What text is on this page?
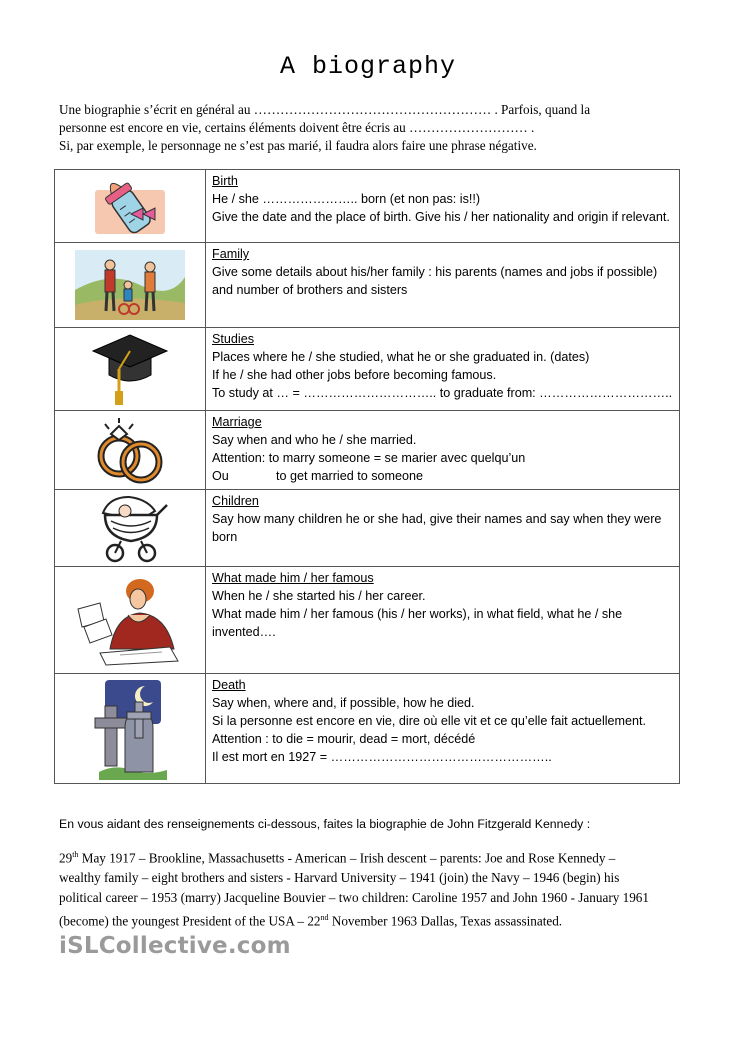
A biography
Une biographie s’écrit en général au ……………………………………………… . Parfois, quand la
personne est encore en vie, certains éléments doivent être écris au ……………………… .
Si, par exemple, le personnage ne s’est pas marié, il faudra alors faire une phrase négative.

Birth
He / she ………………….. born (et non pas: is!!)
Give the date and the place of birth. Give his / her nationality and origin if relevant.

Family
Give some details about his/her family : his parents (names and jobs if possible) and number of brothers and sisters

Studies
Places where he / she studied, what he or she graduated in. (dates)
If he / she had other jobs before becoming famous.
To study at … = ………………………….. to graduate from: …………………………..

Marriage
Say when and who he / she married.
Attention: to marry someone = se marier avec quelqu’un
Ou to get married to someone

Children
Say how many children he or she had, give their names and say when they were born

What made him / her famous
When he / she started his / her career.
What made him / her famous (his / her works), in what field, what he / she invented….

Death
Say when, where and, if possible, how he died.
Si la personne est encore en vie, dire où elle vit et ce qu’elle fait actuellement.
Attention : to die = mourir, dead = mort, décédé
Il est mort en 1927 = ……………………………………………..
En vous aidant des renseignements ci-dessous, faites la biographie de John Fitzgerald Kennedy :
29th May 1917 – Brookline, Massachusetts - American – Irish descent – parents: Joe and Rose Kennedy –
wealthy family – eight brothers and sisters - Harvard University – 1941 (join) the Navy – 1946 (begin) his
political career – 1953 (marry) Jacqueline Bouvier – two children: Caroline 1957 and John 1960 - January 1961
(become) the youngest President of the USA – 22nd November 1963 Dallas, Texas assassinated.
iSLCollective.com
